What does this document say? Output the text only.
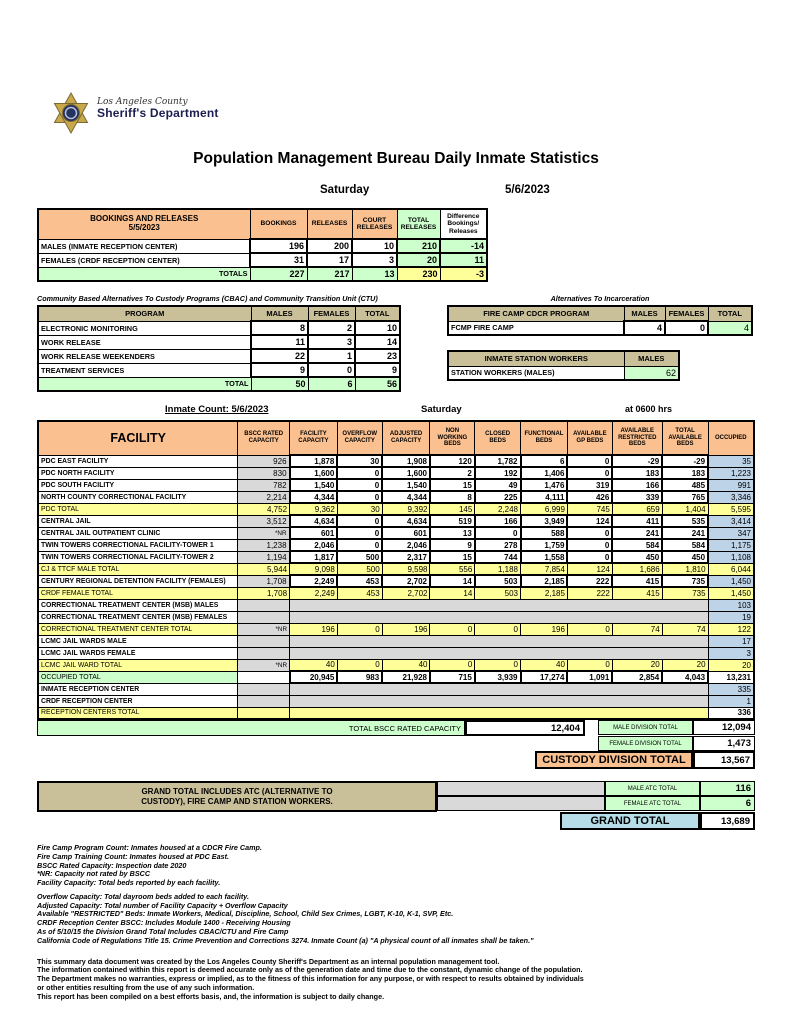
Los Angeles County
Sheriff's Department
Population Management Bureau Daily Inmate Statistics
Saturday	5/6/2023
BOOKINGS AND RELEASES
5/5/2023	BOOKINGS	RELEASES	COURT RELEASES	TOTAL RELEASES	Difference Bookings/ Releases
MALES (INMATE RECEPTION CENTER)	196	200	10	210	-14
FEMALES (CRDF RECEPTION CENTER)	31	17	3	20	11
TOTALS	227	217	13	230	-3
Community Based Alternatives To Custody Programs (CBAC) and Community Transition Unit (CTU)
PROGRAM	MALES	FEMALES	TOTAL
ELECTRONIC MONITORING	8	2	10
WORK RELEASE	11	3	14
WORK RELEASE WEEKENDERS	22	1	23
TREATMENT SERVICES	9	0	9
TOTAL	50	6	56
Alternatives To Incarceration
FIRE CAMP CDCR PROGRAM	MALES	FEMALES	TOTAL
FCMP FIRE CAMP	4	0	4
INMATE STATION WORKERS	MALES
STATION WORKERS (MALES)	62
Inmate Count: 5/6/2023	Saturday	at 0600 hrs
FACILITY	BSCC RATED CAPACITY	FACILITY CAPACITY	OVERFLOW CAPACITY	ADJUSTED CAPACITY	NON WORKING BEDS	CLOSED BEDS	FUNCTIONAL BEDS	AVAILABLE GP BEDS	AVAILABLE RESTRICTED BEDS	TOTAL AVAILABLE BEDS	OCCUPIED
PDC EAST FACILITY	926	1,878	30	1,908	120	1,782	6	0	-29	-29	35
PDC NORTH FACILITY	830	1,600	0	1,600	2	192	1,406	0	183	183	1,223
PDC SOUTH FACILITY	782	1,540	0	1,540	15	49	1,476	319	166	485	991
NORTH COUNTY CORRECTIONAL FACILITY	2,214	4,344	0	4,344	8	225	4,111	426	339	765	3,346
PDC TOTAL	4,752	9,362	30	9,392	145	2,248	6,999	745	659	1,404	5,595
CENTRAL JAIL	3,512	4,634	0	4,634	519	166	3,949	124	411	535	3,414
CENTRAL JAIL OUTPATIENT CLINIC	*NR	601	0	601	13	0	588	0	241	241	347
TWIN TOWERS CORRECTIONAL FACILITY-TOWER 1	1,238	2,046	0	2,046	9	278	1,759	0	584	584	1,175
TWIN TOWERS CORRECTIONAL FACILITY-TOWER 2	1,194	1,817	500	2,317	15	744	1,558	0	450	450	1,108
CJ & TTCF MALE TOTAL	5,944	9,098	500	9,598	556	1,188	7,854	124	1,686	1,810	6,044
CENTURY REGIONAL DETENTION FACILITY (FEMALES)	1,708	2,249	453	2,702	14	503	2,185	222	415	735	1,450
CRDF FEMALE TOTAL	1,708	2,249	453	2,702	14	503	2,185	222	415	735	1,450
CORRECTIONAL TREATMENT CENTER (MSB) MALES											103
CORRECTIONAL TREATMENT CENTER (MSB) FEMALES											19
CORRECTIONAL TREATMENT CENTER TOTAL	*NR	196	0	196	0	0	196	0	74	74	122
LCMC JAIL WARDS MALE											17
LCMC JAIL WARDS FEMALE											3
LCMC JAIL WARD TOTAL	*NR	40	0	40	0	0	40	0	20	20	20
OCCUPIED TOTAL		20,945	983	21,928	715	3,939	17,274	1,091	2,854	4,043	13,231
INMATE RECEPTION CENTER											335
CRDF RECEPTION CENTER											1
RECEPTION CENTERS TOTAL											336
TOTAL BSCC RATED CAPACITY	12,404	MALE DIVISION TOTAL	12,094
FEMALE DIVISION TOTAL	1,473
CUSTODY DIVISION TOTAL	13,567
GRAND TOTAL INCLUDES ATC (ALTERNATIVE TO
CUSTODY), FIRE CAMP AND STATION WORKERS.
MALE ATC TOTAL	116
FEMALE ATC TOTAL	6
GRAND TOTAL	13,689
Fire Camp Program Count: Inmates housed at a CDCR Fire Camp.
Fire Camp Training Count: Inmates housed at PDC East.
BSCC Rated Capacity: Inspection date 2020
*NR: Capacity not rated by BSCC
Facility Capacity: Total beds reported by each facility.
Overflow Capacity: Total dayroom beds added to each facility.
Adjusted Capacity: Total number of Facility Capacity + Overflow Capacity
Available "RESTRICTED" Beds: Inmate Workers, Medical, Discipline, School, Child Sex Crimes, LGBT, K-10, K-1, SVP, Etc.
CRDF Reception Center BSCC: Includes Module 1400 - Receiving Housing
As of 5/10/15 the Division Grand Total Includes CBAC/CTU and Fire Camp
California Code of Regulations Title 15. Crime Prevention and Corrections 3274. Inmate Count (a) "A physical count of all inmates shall be taken."
This summary data document was created by the Los Angeles County Sheriff's Department as an internal population management tool.
The information contained within this report is deemed accurate only as of the generation date and time due to the constant, dynamic change of the population.
The Department makes no warranties, express or implied, as to the fitness of this information for any purpose, or with respect to results obtained by individuals
or other entities resulting from the use of any such information.
This report has been compiled on a best efforts basis, and, the information is subject to daily change.
